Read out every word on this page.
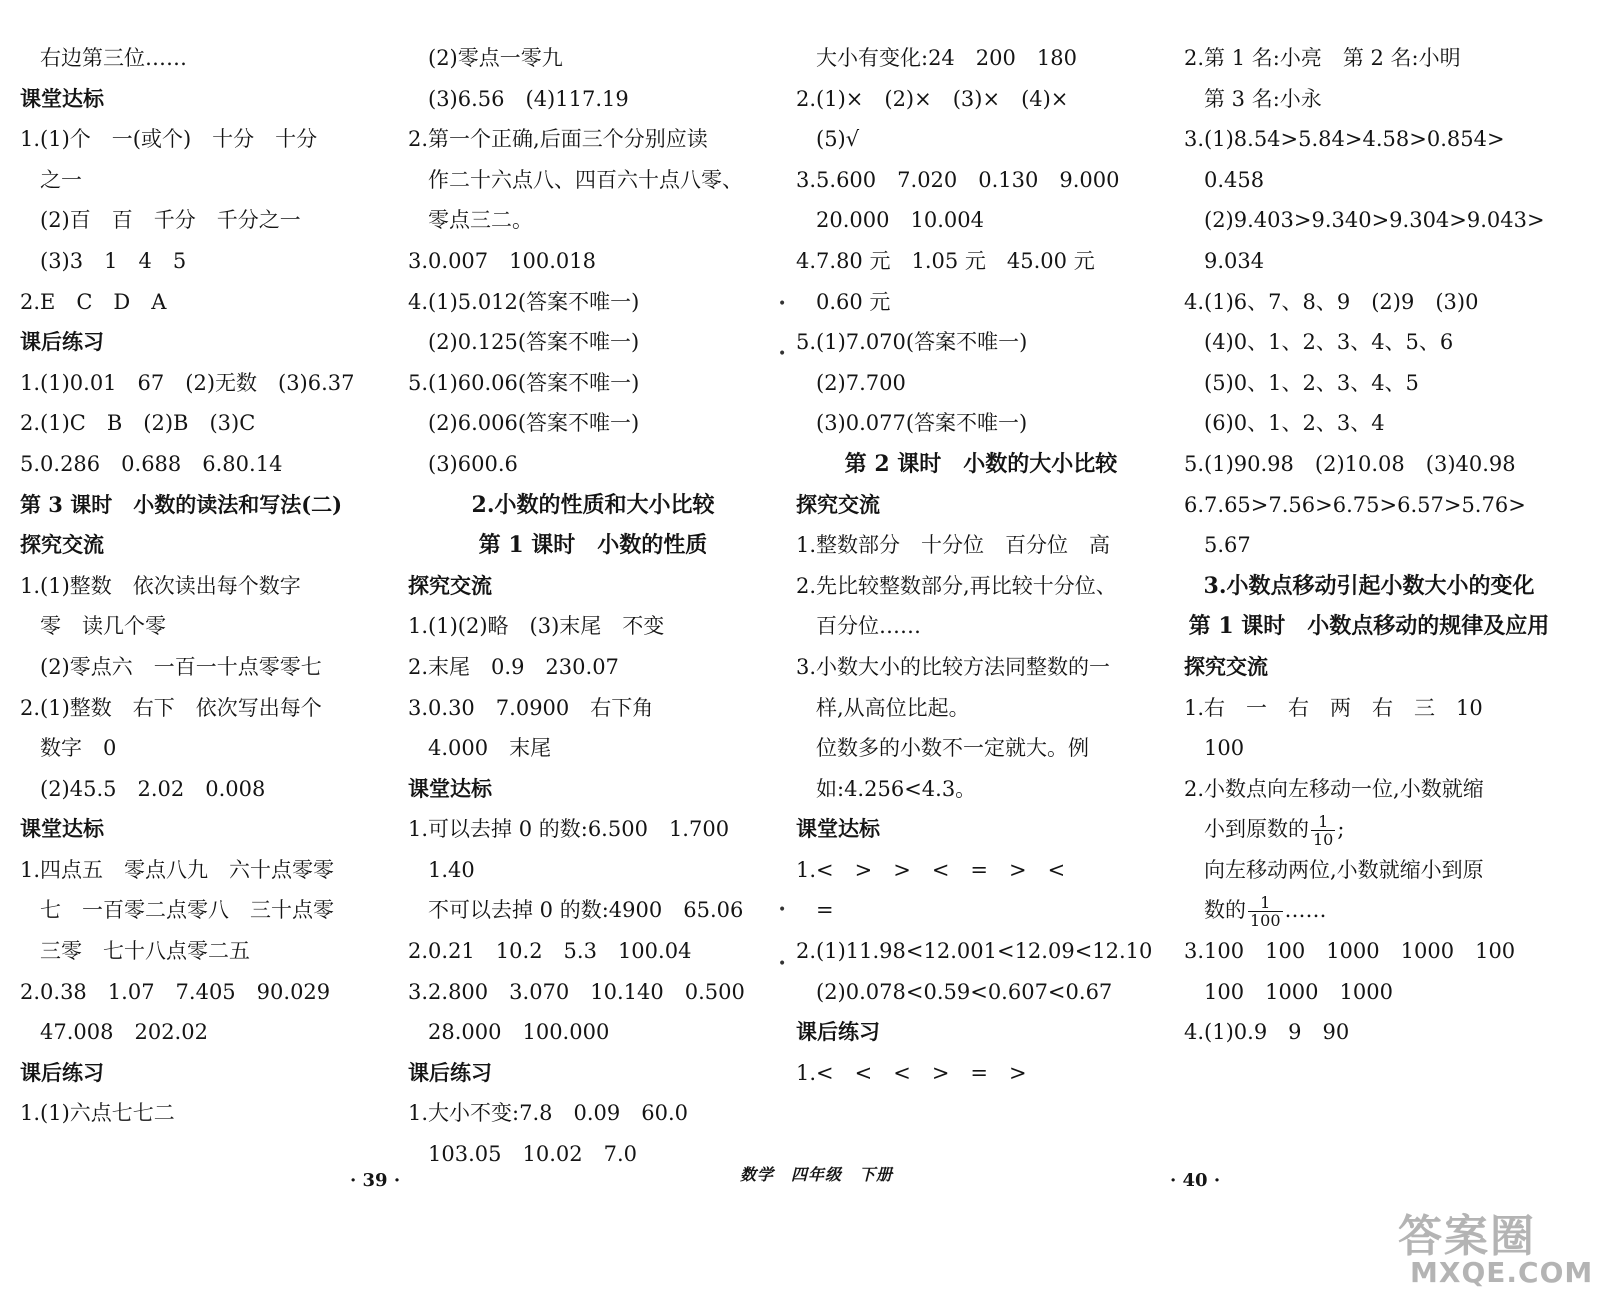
右边第三位……
课堂达标
1.(1)个　一(或个)　十分　十分
之一
(2)百　百　千分　千分之一
(3)3　1　4　5
2.E　C　D　A
课后练习
1.(1)0.01　67　(2)无数　(3)6.37
2.(1)C　B　(2)B　(3)C
5.0.286　0.688　6.80.14
第 3 课时　小数的读法和写法(二)
探究交流
1.(1)整数　依次读出每个数字
零　读几个零
(2)零点六　一百一十点零零七
2.(1)整数　右下　依次写出每个
数字　0
(2)45.5　2.02　0.008
课堂达标
1.四点五　零点八九　六十点零零
七　一百零二点零八　三十点零
三零　七十八点零二五
2.0.38　1.07　7.405　90.029
47.008　202.02
课后练习
1.(1)六点七七二
(2)零点一零九
(3)6.56　(4)117.19
2.第一个正确,后面三个分别应读
作二十六点八、四百六十点八零、
零点三二。
3.0.007　100.018
4.(1)5.012(答案不唯一)
(2)0.125(答案不唯一)
5.(1)60.06(答案不唯一)
(2)6.006(答案不唯一)
(3)600.6
2.小数的性质和大小比较
第 1 课时　小数的性质
探究交流
1.(1)(2)略　(3)末尾　不变
2.末尾　0.9　230.07
3.0.30　7.0900　右下角
4.000　末尾
课堂达标
1.可以去掉 0 的数:6.500　1.700
1.40
不可以去掉 0 的数:4900　65.06
2.0.21　10.2　5.3　100.04
3.2.800　3.070　10.140　0.500
28.000　100.000
课后练习
1.大小不变:7.8　0.09　60.0
103.05　10.02　7.0
大小有变化:24　200　180
2.(1)×　(2)×　(3)×　(4)×
(5)√
3.5.600　7.020　0.130　9.000
20.000　10.004
4.7.80 元　1.05 元　45.00 元
0.60 元
5.(1)7.070(答案不唯一)
(2)7.700
(3)0.077(答案不唯一)
第 2 课时　小数的大小比较
探究交流
1.整数部分　十分位　百分位　高
2.先比较整数部分,再比较十分位、
百分位……
3.小数大小的比较方法同整数的一
样,从高位比起。
位数多的小数不一定就大。例
如:4.256<4.3。
课堂达标
1.<　>　>　<　=　>　<
=
2.(1)11.98<12.001<12.09<12.10
(2)0.078<0.59<0.607<0.67
课后练习
1.<　<　<　>　=　>
2.第 1 名:小亮　第 2 名:小明
第 3 名:小永
3.(1)8.54>5.84>4.58>0.854>
0.458
(2)9.403>9.340>9.304>9.043>
9.034
4.(1)6、7、8、9　(2)9　(3)0
(4)0、1、2、3、4、5、6
(5)0、1、2、3、4、5
(6)0、1、2、3、4
5.(1)90.98　(2)10.08　(3)40.98
6.7.65>7.56>6.75>6.57>5.76>
5.67
3.小数点移动引起小数大小的变化
第 1 课时　小数点移动的规律及应用
探究交流
1.右　一　右　两　右　三　10
100
2.小数点向左移动一位,小数就缩
小到原数的 $\frac{1}{10}$ ;
向左移动两位,小数就缩小到原
数的 $\frac{1}{100}$ ……
3.100　100　1000　1000　100
100　1000　1000
4.(1)0.9　9　90
· 39 ·	数学　四年级　下册	· 40 ·
答案圈
MXQE.COM
•
•
•
•
